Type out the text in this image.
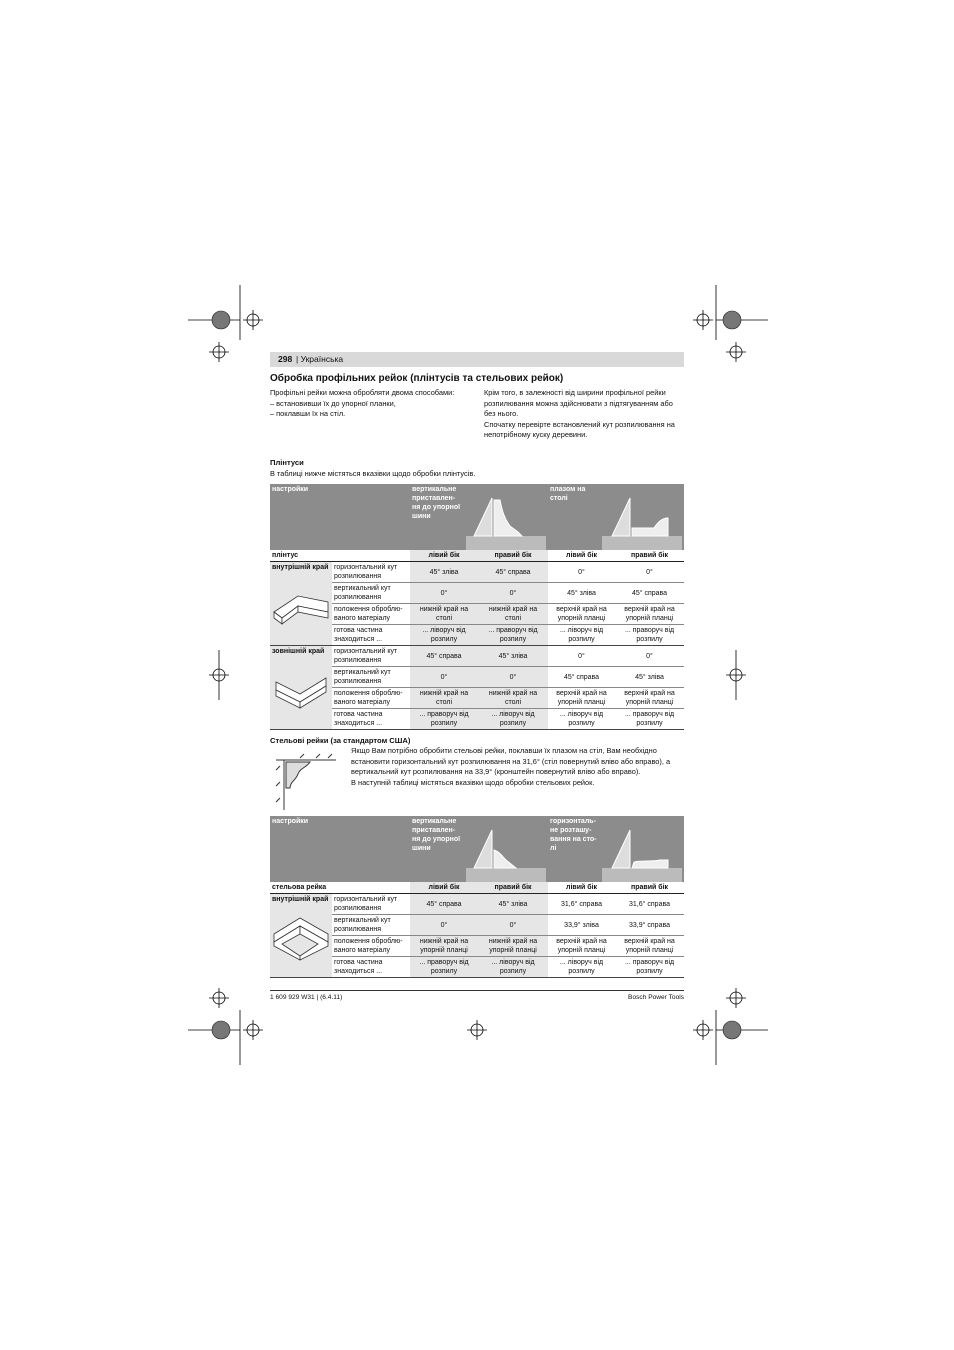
298 | Українська
Обробка профільних рейок (плінтусів та стельових рейок)
Профільні рейки можна обробляти двома способами:
– встановивши їх до упорної планки,
– поклавши їх на стіл.
Крім того, в залежності від ширини профільної рейки розпилювання можна здійснювати з підтягуванням або без нього.
Спочатку перевірте встановлений кут розпилювання на непотрібному куску деревини.
Плінтуси
В таблиці нижче містяться вказівки щодо обробки плінтусів.
настройки		вертикальне приставлен-ня до упорної шини		плазом на столі	

плінтус		лівий бік	правий бік	лівий бік	правий бік

внутрішній край	горизонтальний кут розпилювання	45° зліва	45° справа	0°	0°
	вертикальний кут розпилювання	0°	0°	45° зліва	45° справа
	положення оброблю-ваного матеріалу	нижній край на столі	нижній край на столі	верхній край на упорній планці	верхній край на упорній планці
	готова частина знаходиться ...	... ліворуч від розпилу	... праворуч від розпилу	... ліворуч від розпилу	... праворуч від розпилу

зовнішній край	горизонтальний кут розпилювання	45° справа	45° зліва	0°	0°
	вертикальний кут розпилювання	0°	0°	45° справа	45° зліва
	положення оброблю-ваного матеріалу	нижній край на столі	нижній край на столі	верхній край на упорній планці	верхній край на упорній планці
	готова частина знаходиться ...	... праворуч від розпилу	... ліворуч від розпилу	... ліворуч від розпилу	... праворуч від розпилу
Стельові рейки (за стандартом США)
Якщо Вам потрібно обробити стельові рейки, поклавши їх плазом на стіл, Вам необхідно встановити горизонтальний кут розпилювання на 31,6° (стіл повернутий вліво або вправо), а вертикальний кут розпилювання на 33,9° (кронштейн повернутий вліво або вправо).
В наступній таблиці містяться вказівки щодо обробки стельових рейок.
настройки		вертикальне приставлен-ня до упорної шини		горизонталь-не розташу-вання на сто-лі	

стельова рейка		лівий бік	правий бік	лівий бік	правий бік

внутрішній край	горизонтальний кут розпилювання	45° справа	45° зліва	31,6° справа	31,6° справа
	вертикальний кут розпилювання	0°	0°	33,9° зліва	33,9° справа
	положення оброблю-ваного матеріалу	нижній край на упорній планці	нижній край на упорній планці	верхній край на упорній планці	верхній край на упорній планці
	готова частина знаходиться ...	... праворуч від розпилу	... ліворуч від розпилу	... ліворуч від розпилу	... праворуч від розпилу
1 609 929 W31 | (6.4.11)	Bosch Power Tools
